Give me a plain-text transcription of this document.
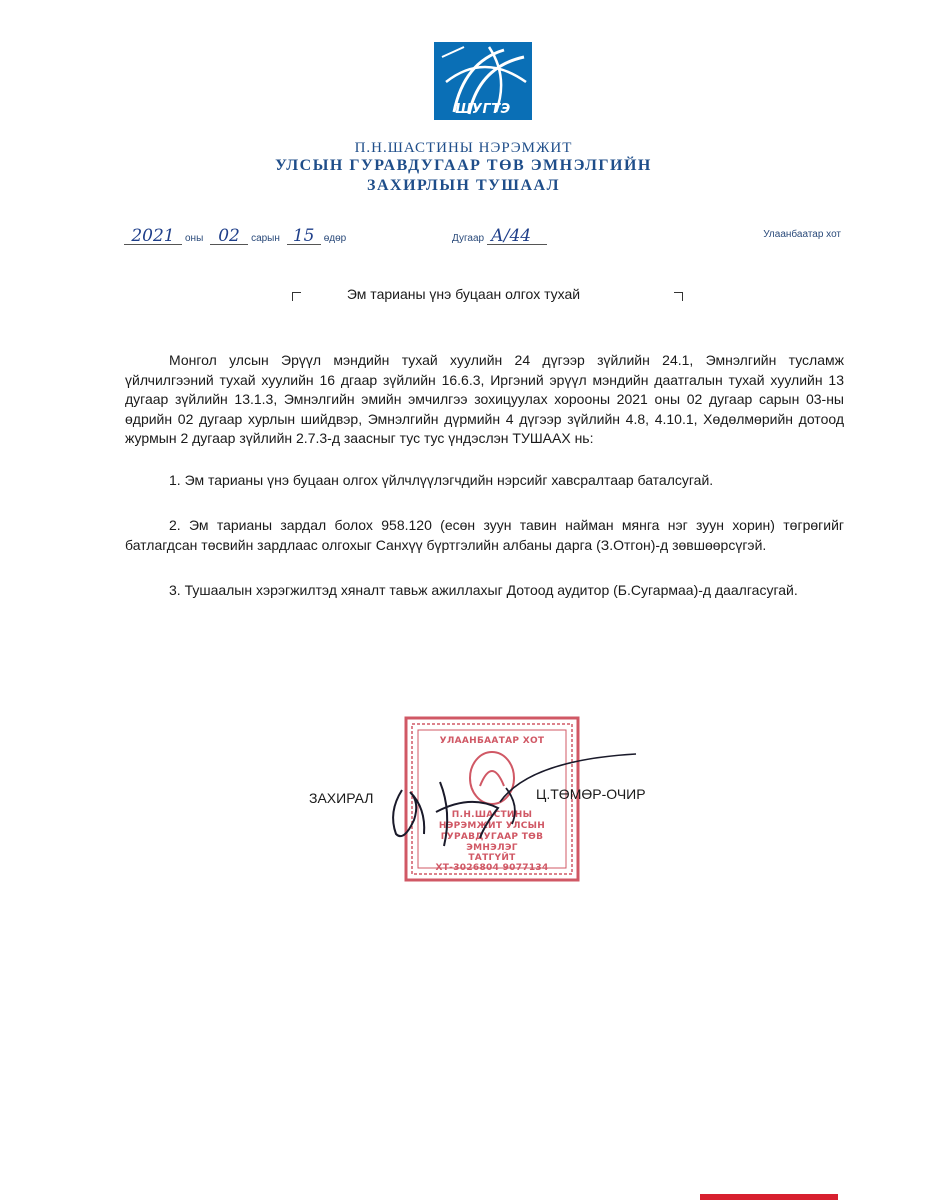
ШУГТЭ
П.Н.ШАСТИНЫ НЭРЭМЖИТ
УЛСЫН ГУРАВДУГААР ТӨВ ЭМНЭЛГИЙН
ЗАХИРЛЫН ТУШААЛ
2021 оны 02 сарын 15 өдөр	Дугаар А/44	Улаанбаатар хот
Эм тарианы үнэ буцаан олгох тухай

Монгол улсын Эрүүл мэндийн тухай хуулийн 24 дүгээр зүйлийн 24.1, Эмнэлгийн тусламж үйлчилгээний тухай хуулийн 16 дгаар зүйлийн 16.6.3, Иргэний эрүүл мэндийн даатгалын тухай хуулийн 13 дугаар зүйлийн 13.1.3, Эмнэлгийн эмийн эмчилгээ зохицуулах хорооны 2021 оны 02 дугаар сарын 03-ны өдрийн 02 дугаар хурлын шийдвэр, Эмнэлгийн дүрмийн 4 дүгээр зүйлийн 4.8, 4.10.1, Хөдөлмөрийн дотоод журмын 2 дугаар зүйлийн 2.7.3-д заасныг тус тус үндэслэн ТУШААХ нь:

1. Эм тарианы үнэ буцаан олгох үйлчлүүлэгчдийн нэрсийг хавсралтаар баталсугай.

2. Эм тарианы зардал болох 958.120 (есөн зуун тавин найман мянга нэг зуун хорин) төгрөгийг батлагдсан төсвийн зардлаас олгохыг Санхүү бүртгэлийн албаны дарга (З.Отгон)-д зөвшөөрсүгэй.

3. Тушаалын хэрэгжилтэд хяналт тавьж ажиллахыг Дотоод аудитор (Б.Сугармаа)-д даалгасугай.

УЛААНБААТАР ХОТ
П.Н.ШАСТИНЫ
НЭРЭМЖИТ УЛСЫН
ГУРАВДУГААР ТӨВ
ЭМНЭЛЭГ
ТАТГҮЙТ
ХТ-3026804 9077134
ЗАХИРАЛ	Ц.ТӨМӨР-ОЧИР
